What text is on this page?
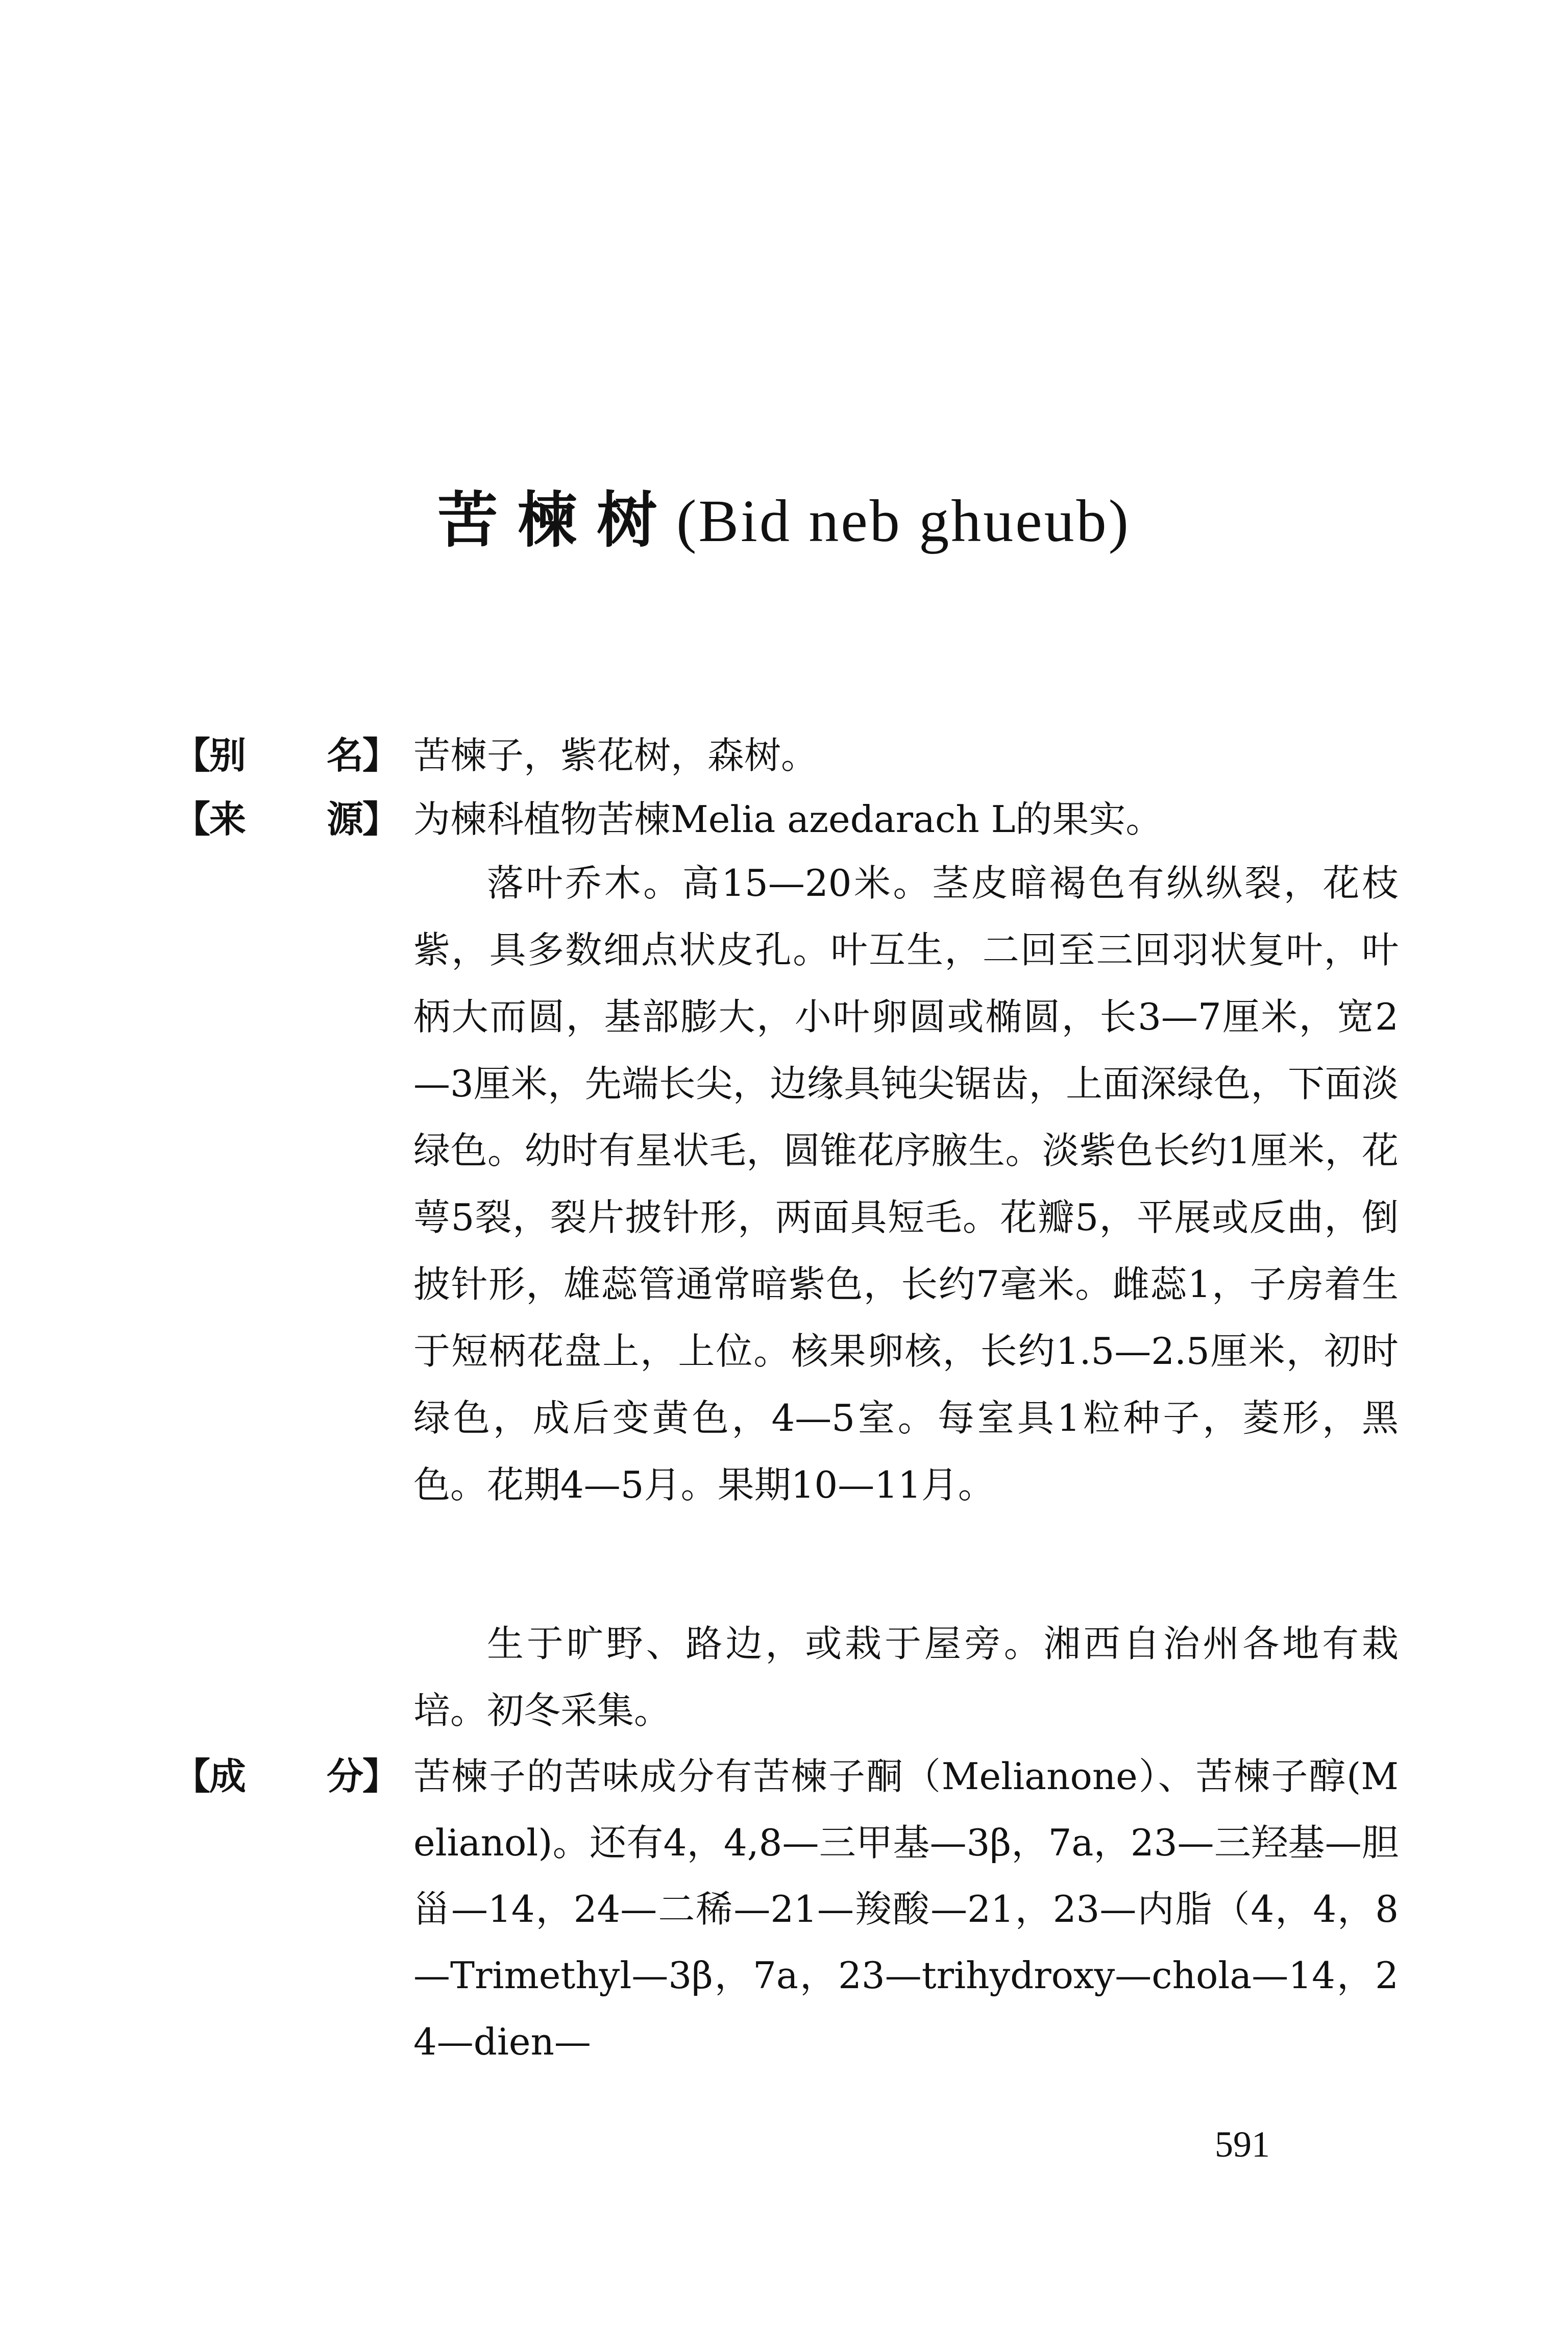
苦楝树(Bid neb ghueub)
【
别 名
】 苦楝子，紫花树，森树。
【
来 源
】 为楝科植物苦楝Melia azedarach L的果实。
落叶乔木。高15—20米。茎皮暗褐色有纵纵裂，花枝紫，具多数细点状皮孔。叶互生，二回至三回羽状复叶，叶柄大而圆，基部膨大，小叶卵圆或椭圆，长3—7厘米，宽2—3厘米，先端长尖，边缘具钝尖锯齿，上面深绿色，下面淡绿色。幼时有星状毛，圆锥花序腋生。淡紫色长约1厘米，花萼5裂，裂片披针形，两面具短毛。花瓣5，平展或反曲，倒披针形，雄蕊管通常暗紫色，长约7毫米。雌蕊1，子房着生于短柄花盘上，上位。核果卵核，长约1.5—2.5厘米，初时绿色，成后变黄色，4—5室。每室具1粒种子，菱形，黑色。花期4—5月。果期10—11月。
生于旷野、路边，或栽于屋旁。湘西自治州各地有栽培。初冬采集。
【
成 分
】 苦楝子的苦味成分有苦楝子酮（Melianone）、苦楝子醇(Melianol)。还有4，4,8—三甲基—3β，7a，23—三羟基—胆甾—14，24—二稀—21—羧酸—21，23—内脂（4，4，8—Trimethyl—3β，7a，23—trihydroxy—chola—14，24—dien—
591
